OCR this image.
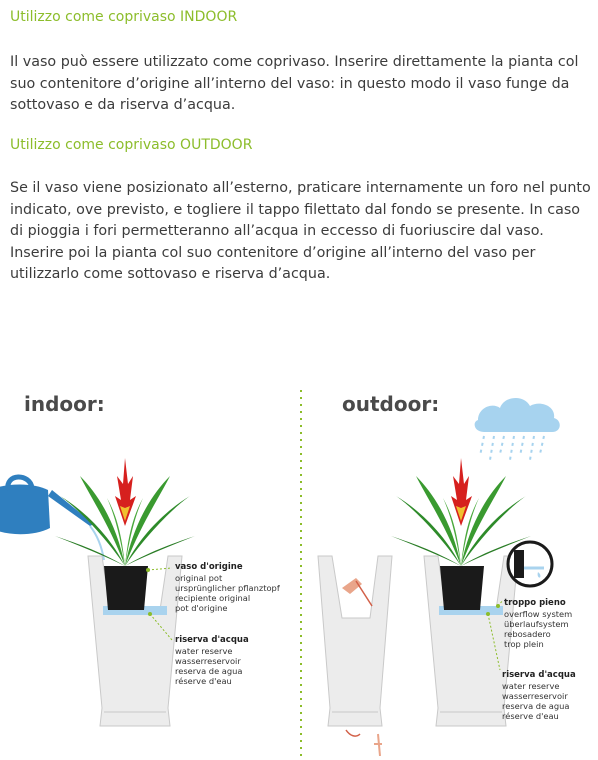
Utilizzo come coprivaso INDOOR

Il vaso può essere utilizzato come coprivaso. Inserire direttamente la pianta col suo contenitore d’origine all’interno del vaso: in questo modo il vaso funge da sottovaso e da riserva d’acqua.

Utilizzo come coprivaso OUTDOOR

Se il vaso viene posizionato all’esterno, praticare internamente un foro nel punto indicato, ove previsto, e togliere il tappo filettato dal fondo se presente. In caso di pioggia i fori permetteranno all’acqua in eccesso di fuoriuscire dal vaso. Inserire poi la pianta col suo contenitore d’origine all’interno del vaso per utilizzarlo come sottovaso e riserva d’acqua.

indoor:	outdoor:
vaso d'origine
original pot
ursprünglicher pflanztopf
recipiente original
pot d'origine
riserva d'acqua
water reserve
wasserreservoir
reserva de agua
réserve d'eau
troppo pieno
overflow system
überlaufsystem
rebosadero
trop plein
riserva d'acqua
water reserve
wasserreservoir
reserva de agua
réserve d'eau
